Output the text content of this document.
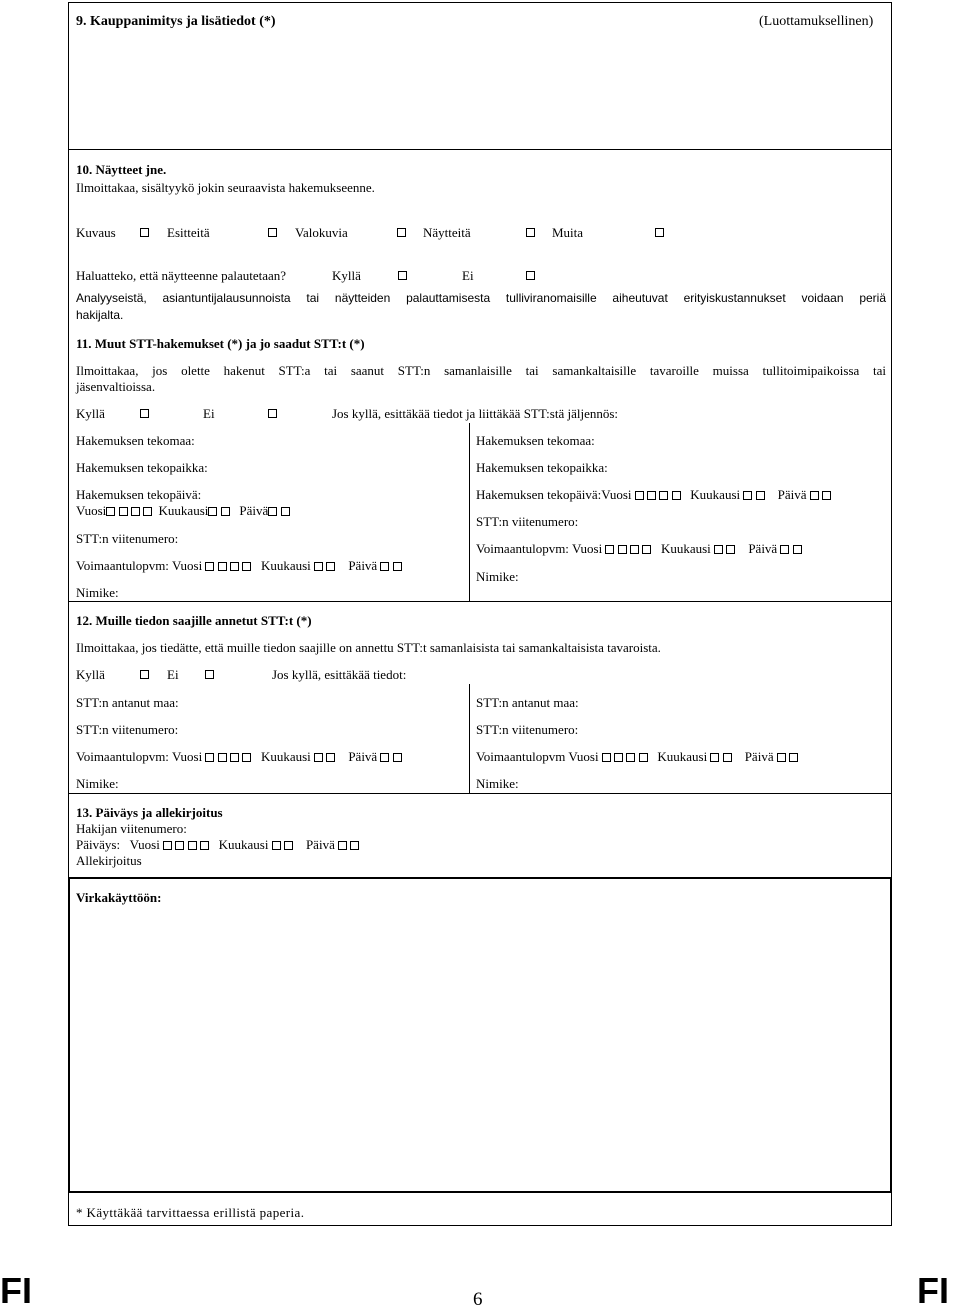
9. Kauppanimitys ja lisätiedot (*)	(Luottamuksellinen)
10. Näytteet jne.
Ilmoittakaa, sisältyykö jokin seuraavista hakemukseenne.
Kuvaus	Esitteitä	Valokuvia	Näytteitä	Muita
Haluatteko, että näytteenne palautetaan?	Kyllä	Ei
Analyyseistä, asiantuntijalausunnoista tai näytteiden palauttamisesta tulliviranomaisille aiheutuvat erityiskustannukset voidaan periä
hakijalta.
11. Muut STT-hakemukset (*) ja jo saadut STT:t (*)
Ilmoittakaa, jos olette hakenut STT:a tai saanut STT:n samanlaisille tai samankaltaisille tavaroille muissa tullitoimipaikoissa tai
jäsenvaltioissa.
Kyllä	Ei	Jos kyllä, esittäkää tiedot ja liittäkää STT:stä jäljennös:
Hakemuksen tekomaa:
Hakemuksen tekopaikka:
Hakemuksen tekopäivä:
Vuosi	Kuukausi Päivä
STT:n viitenumero:
Voimaantulopvm: Vuosi	Kuukausi	Päivä
Nimike:
Hakemuksen tekomaa:
Hakemuksen tekopaikka:
Hakemuksen tekopäivä:Vuosi	Kuukausi	Päivä
STT:n viitenumero:
Voimaantulopvm: Vuosi	Kuukausi	Päivä
Nimike:
12. Muille tiedon saajille annetut STT:t (*)
Ilmoittakaa, jos tiedätte, että muille tiedon saajille on annettu STT:t samanlaisista tai samankaltaisista tavaroista.
Kyllä	Ei	Jos kyllä, esittäkää tiedot:
STT:n antanut maa:
STT:n viitenumero:
Voimaantulopvm: Vuosi	Kuukausi	Päivä
Nimike:
STT:n antanut maa:
STT:n viitenumero:
Voimaantulopvm Vuosi	Kuukausi	Päivä
Nimike:
13. Päiväys ja allekirjoitus
Hakijan viitenumero:
Päiväys: Vuosi	Kuukausi	Päivä
Allekirjoitus
Virkakäyttöön:
* Käyttäkää tarvittaessa erillistä paperia.
FI	6	FI
